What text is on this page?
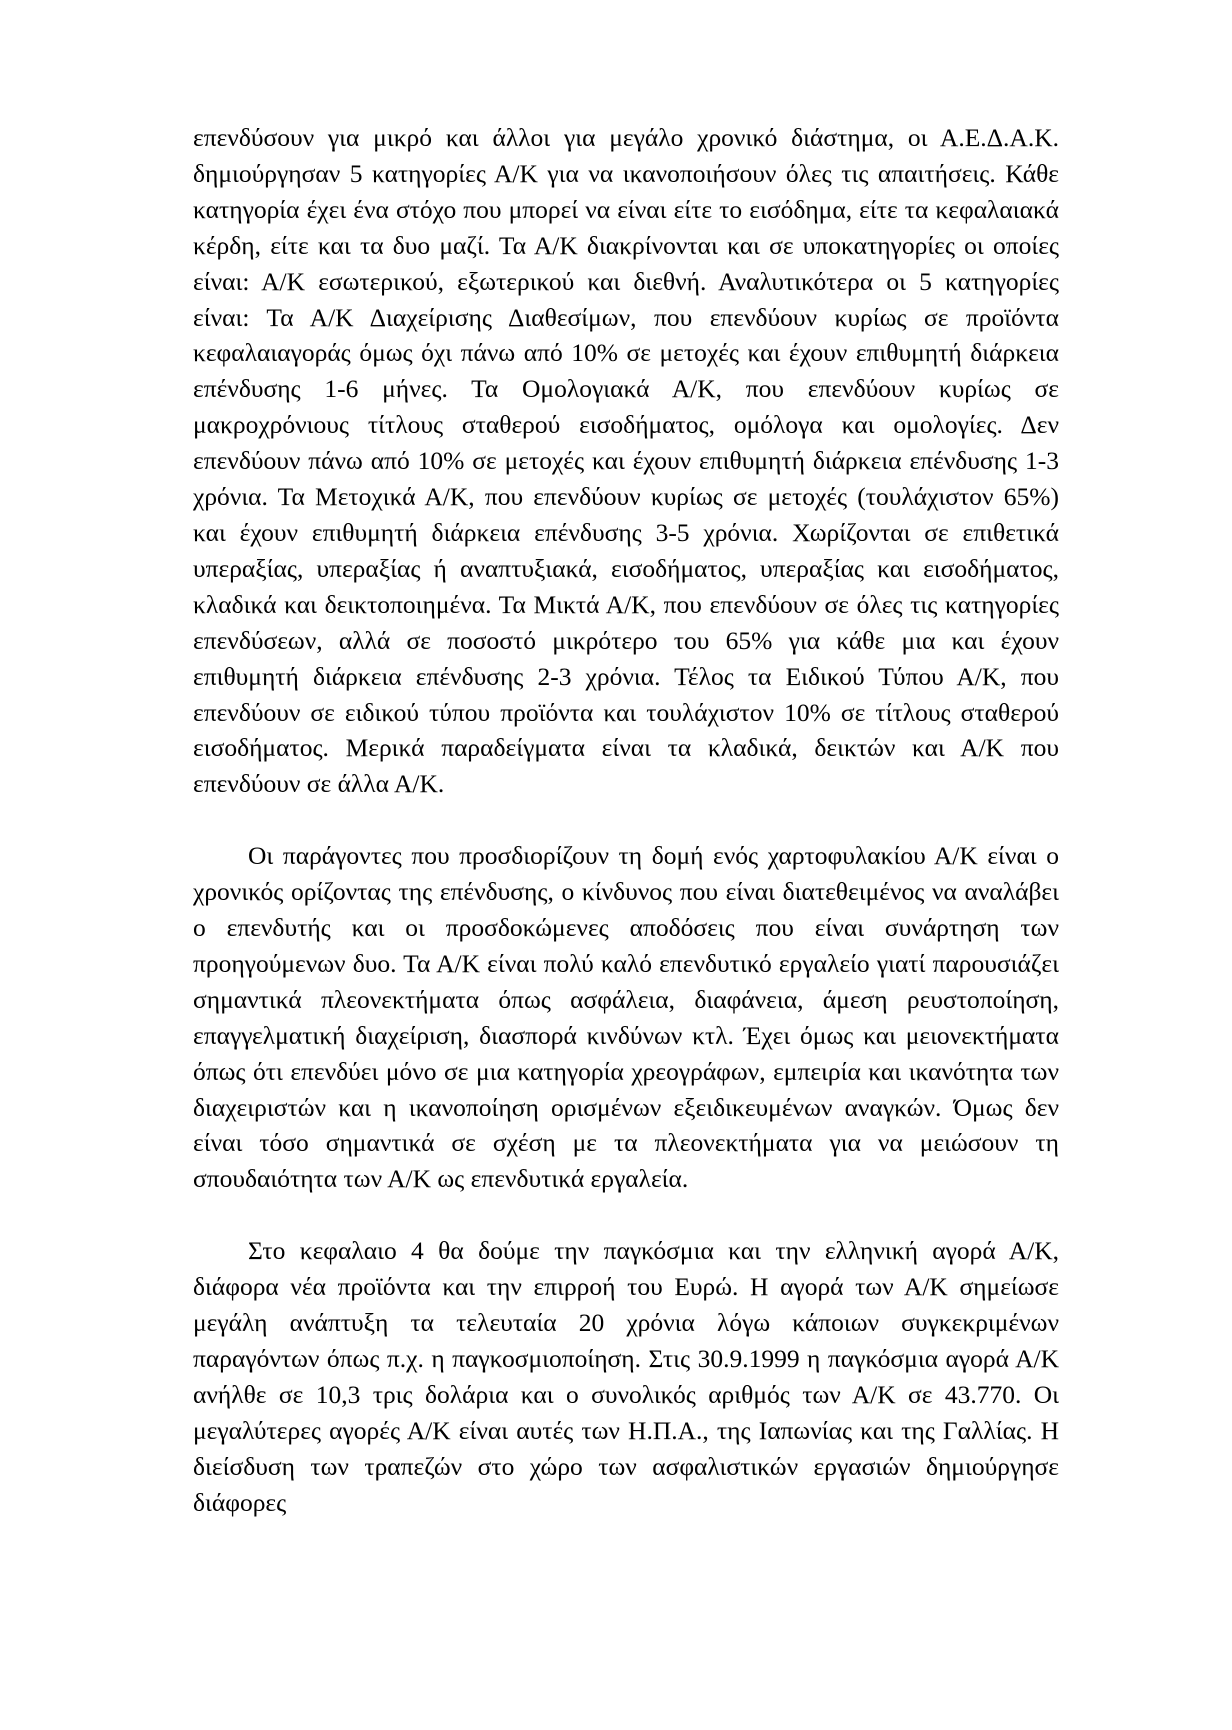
επενδύσουν για μικρό και άλλοι για μεγάλο χρονικό διάστημα, οι Α.Ε.Δ.Α.Κ. δημιούργησαν 5 κατηγορίες Α/Κ για να ικανοποιήσουν όλες τις απαιτήσεις. Κάθε κατηγορία έχει ένα στόχο που μπορεί να είναι είτε το εισόδημα, είτε τα κεφαλαιακά κέρδη, είτε και τα δυο μαζί. Τα Α/Κ διακρίνονται και σε υποκατηγορίες οι οποίες είναι: Α/Κ εσωτερικού, εξωτερικού και διεθνή. Αναλυτικότερα οι 5 κατηγορίες είναι: Τα Α/Κ Διαχείρισης Διαθεσίμων, που επενδύουν κυρίως σε προϊόντα κεφαλαιαγοράς όμως όχι πάνω από 10% σε μετοχές και έχουν επιθυμητή διάρκεια επένδυσης 1-6 μήνες. Τα Ομολογιακά Α/Κ, που επενδύουν κυρίως σε μακροχρόνιους τίτλους σταθερού εισοδήματος, ομόλογα και ομολογίες. Δεν επενδύουν πάνω από 10% σε μετοχές και έχουν επιθυμητή διάρκεια επένδυσης 1-3 χρόνια. Τα Μετοχικά Α/Κ, που επενδύουν κυρίως σε μετοχές (τουλάχιστον 65%) και έχουν επιθυμητή διάρκεια επένδυσης 3-5 χρόνια. Χωρίζονται σε επιθετικά υπεραξίας, υπεραξίας ή αναπτυξιακά, εισοδήματος, υπεραξίας και εισοδήματος, κλαδικά και δεικτοποιημένα. Τα Μικτά Α/Κ, που επενδύουν σε όλες τις κατηγορίες επενδύσεων, αλλά σε ποσοστό μικρότερο του 65% για κάθε μια και έχουν επιθυμητή διάρκεια επένδυσης 2-3 χρόνια. Τέλος τα Ειδικού Τύπου Α/Κ, που επενδύουν σε ειδικού τύπου προϊόντα και τουλάχιστον 10% σε τίτλους σταθερού εισοδήματος. Μερικά παραδείγματα είναι τα κλαδικά, δεικτών και Α/Κ που επενδύουν σε άλλα Α/Κ.

Οι παράγοντες που προσδιορίζουν τη δομή ενός χαρτοφυλακίου Α/Κ είναι ο χρονικός ορίζοντας της επένδυσης, ο κίνδυνος που είναι διατεθειμένος να αναλάβει ο επενδυτής και οι προσδοκώμενες αποδόσεις που είναι συνάρτηση των προηγούμενων δυο. Τα Α/Κ είναι πολύ καλό επενδυτικό εργαλείο γιατί παρουσιάζει σημαντικά πλεονεκτήματα όπως ασφάλεια, διαφάνεια, άμεση ρευστοποίηση, επαγγελματική διαχείριση, διασπορά κινδύνων κτλ. Έχει όμως και μειονεκτήματα όπως ότι επενδύει μόνο σε μια κατηγορία χρεογράφων, εμπειρία και ικανότητα των διαχειριστών και η ικανοποίηση ορισμένων εξειδικευμένων αναγκών. Όμως δεν είναι τόσο σημαντικά σε σχέση με τα πλεονεκτήματα για να μειώσουν τη σπουδαιότητα των Α/Κ ως επενδυτικά εργαλεία.

Στο κεφαλαιο 4 θα δούμε την παγκόσμια και την ελληνική αγορά Α/Κ, διάφορα νέα προϊόντα και την επιρροή του Ευρώ. Η αγορά των Α/Κ σημείωσε μεγάλη ανάπτυξη τα τελευταία 20 χρόνια λόγω κάποιων συγκεκριμένων παραγόντων όπως π.χ. η παγκοσμιοποίηση. Στις 30.9.1999 η παγκόσμια αγορά Α/Κ ανήλθε σε 10,3 τρις δολάρια και ο συνολικός αριθμός των Α/Κ σε 43.770. Οι μεγαλύτερες αγορές Α/Κ είναι αυτές των Η.Π.Α., της Ιαπωνίας και της Γαλλίας. Η διείσδυση των τραπεζών στο χώρο των ασφαλιστικών εργασιών δημιούργησε διάφορες
